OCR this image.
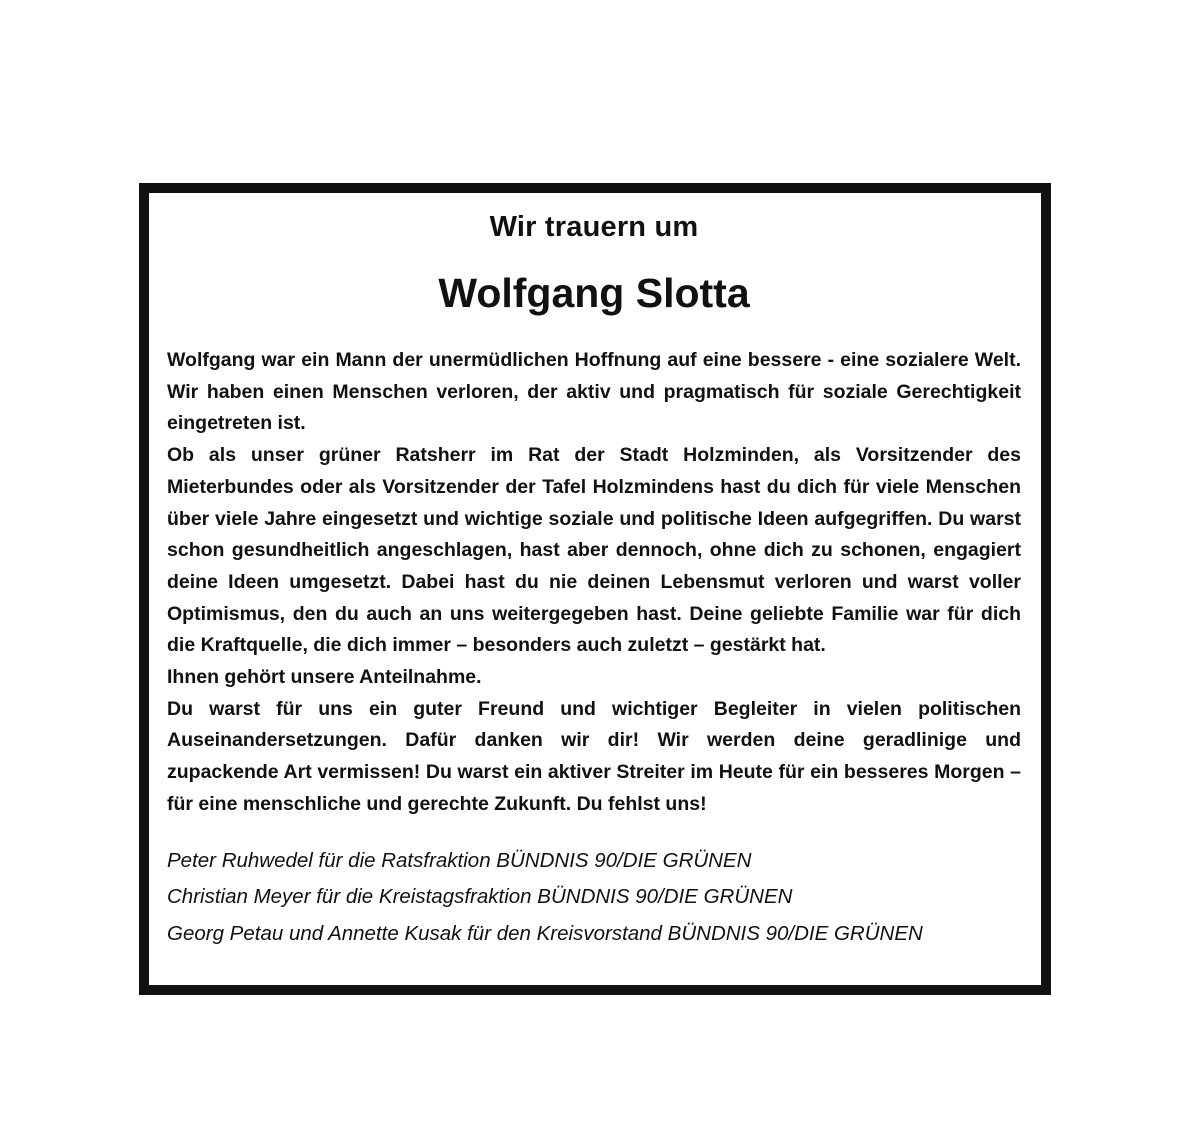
Wir trauern um

Wolfgang Slotta

Wolfgang war ein Mann der unermüdlichen Hoffnung auf eine bessere - eine sozialere Welt. Wir haben einen Menschen verloren, der aktiv und pragmatisch für soziale Gerechtigkeit eingetreten ist.

Ob als unser grüner Ratsherr im Rat der Stadt Holzminden, als Vorsitzender des Mieterbundes oder als Vorsitzender der Tafel Holzmindens hast du dich für viele Menschen über viele Jahre eingesetzt und wichtige soziale und politische Ideen aufgegriffen. Du warst schon gesundheitlich angeschlagen, hast aber dennoch, ohne dich zu schonen, engagiert deine Ideen umgesetzt. Dabei hast du nie deinen Lebensmut verloren und warst voller Optimismus, den du auch an uns weitergegeben hast. Deine geliebte Familie war für dich die Kraftquelle, die dich immer – besonders auch zuletzt – gestärkt hat.

Ihnen gehört unsere Anteilnahme.

Du warst für uns ein guter Freund und wichtiger Begleiter in vielen politischen Auseinandersetzungen. Dafür danken wir dir! Wir werden deine geradlinige und zupackende Art vermissen! Du warst ein aktiver Streiter im Heute für ein besseres Morgen – für eine menschliche und gerechte Zukunft. Du fehlst uns!

Peter Ruhwedel für die Ratsfraktion BÜNDNIS 90/DIE GRÜNEN

Christian Meyer für die Kreistagsfraktion BÜNDNIS 90/DIE GRÜNEN

Georg Petau und Annette Kusak für den Kreisvorstand BÜNDNIS 90/DIE GRÜNEN
